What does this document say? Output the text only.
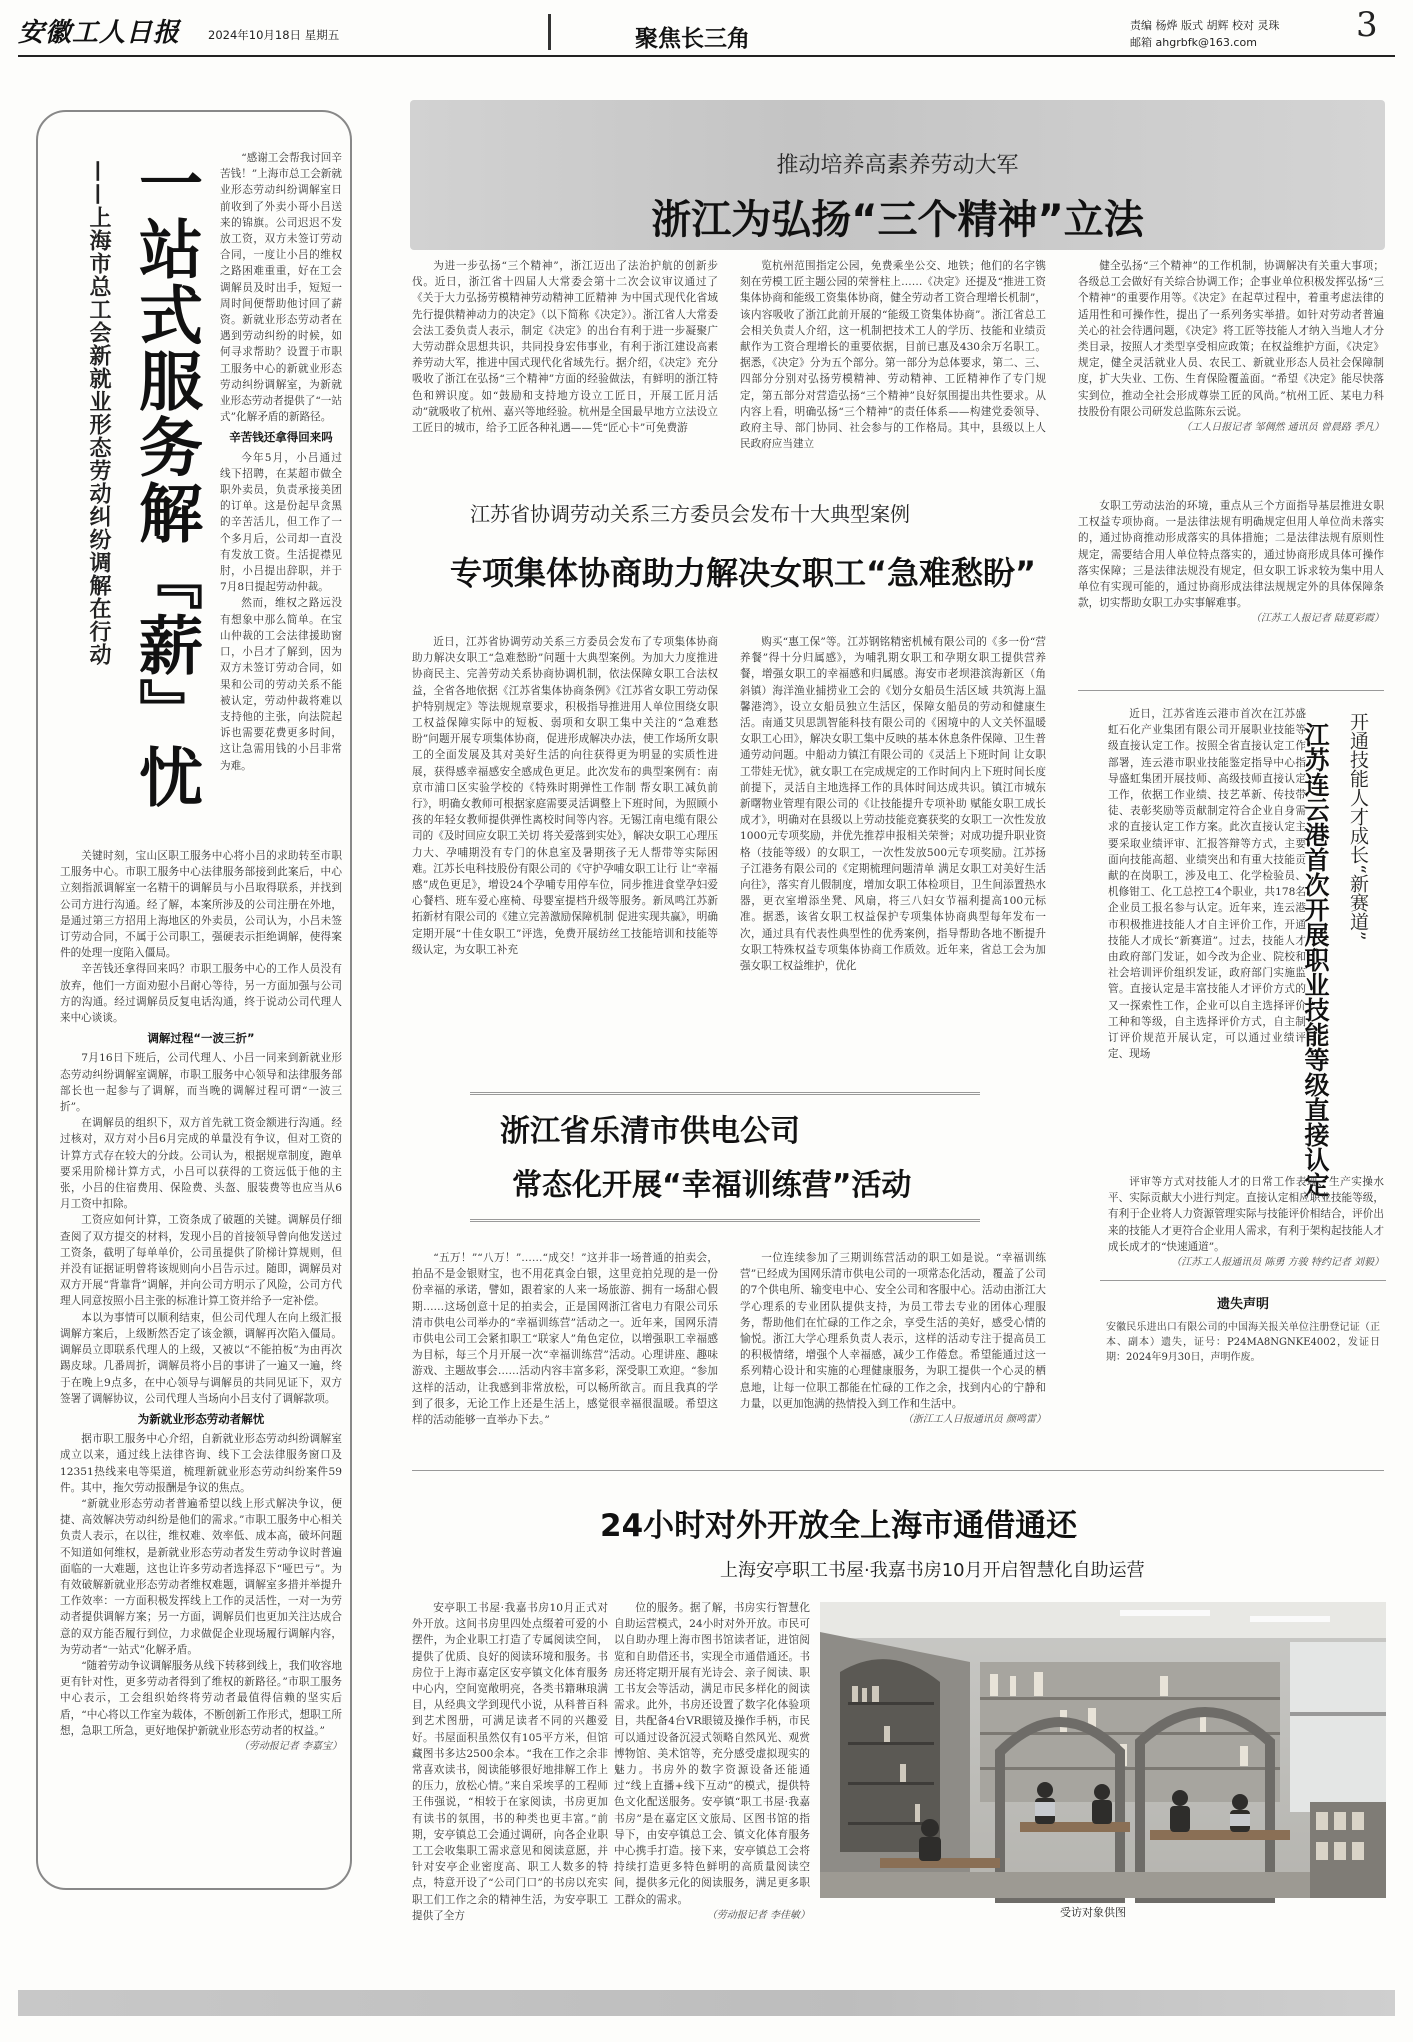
安徽工人日报 2024年10月18日 星期五	聚焦长三角
责编 杨烨 版式 胡辉 校对 灵珠
邮箱 ahgrbfk@163.com	3
一站式服务解『薪』忧
——上海市总工会新就业形态劳动纠纷调解在行动

“感谢工会帮我讨回辛苦钱！”上海市总工会新就业形态劳动纠纷调解室日前收到了外卖小哥小吕送来的锦旗。公司迟迟不发放工资，双方未签订劳动合同，一度让小吕的维权之路困难重重，好在工会调解员及时出手，短短一周时间便帮助他讨回了薪资。新就业形态劳动者在遇到劳动纠纷的时候，如何寻求帮助？设置于市职工服务中心的新就业形态劳动纠纷调解室，为新就业形态劳动者提供了“一站式”化解矛盾的新路径。

辛苦钱还拿得回来吗

今年5月，小吕通过线下招聘，在某超市做全职外卖员，负责承接美团的订单。这是份起早贪黑的辛苦活儿，但工作了一个多月后，公司却一直没有发放工资。生活捉襟见肘，小吕提出辞职，并于7月8日提起劳动仲裁。

然而，维权之路远没有想象中那么简单。在宝山仲裁的工会法律援助窗口，小吕才了解到，因为双方未签订劳动合同，如果和公司的劳动关系不能被认定，劳动仲裁将难以支持他的主张，向法院起诉也需要花费更多时间，这让急需用钱的小吕非常为难。

关键时刻，宝山区职工服务中心将小吕的求助转至市职工服务中心。市职工服务中心法律服务部接到此案后，中心立刻指派调解室一名精干的调解员与小吕取得联系，并找到公司方进行沟通。经了解，本案所涉及的公司注册在外地，是通过第三方招用上海地区的外卖员，公司认为，小吕未签订劳动合同，不属于公司职工，强硬表示拒绝调解，使得案件的处理一度陷入僵局。

辛苦钱还拿得回来吗？市职工服务中心的工作人员没有放弃，他们一方面劝慰小吕耐心等待，另一方面加强与公司方的沟通。经过调解员反复电话沟通，终于说动公司代理人来中心谈谈。

调解过程“一波三折”

7月16日下班后，公司代理人、小吕一同来到新就业形态劳动纠纷调解室调解，市职工服务中心领导和法律服务部部长也一起参与了调解，而当晚的调解过程可谓“一波三折”。

在调解员的组织下，双方首先就工资金额进行沟通。经过核对，双方对小吕6月完成的单量没有争议，但对工资的计算方式存在较大的分歧。公司认为，根据规章制度，跑单要采用阶梯计算方式，小吕可以获得的工资远低于他的主张，小吕的住宿费用、保险费、头盔、服装费等也应当从6月工资中扣除。

工资应如何计算，工资条成了破题的关键。调解员仔细查阅了双方提交的材料，发现小吕的首接领导曾向他发送过工资条，截明了每单单价，公司虽提供了阶梯计算规则，但并没有证据证明曾将该规则向小吕告示过。随即，调解员对双方开展“背靠背”调解，并向公司方明示了风险，公司方代理人同意按照小吕主张的标准计算工资并给予一定补偿。

本以为事情可以顺利结束，但公司代理人在向上级汇报调解方案后，上级断然否定了该金额，调解再次陷入僵局。调解员立即联系代理人的上级，又被以“不能拍板”为由再次踢皮球。几番周折，调解员将小吕的事讲了一遍又一遍，终于在晚上9点多，在中心领导与调解员的共同见证下，双方签署了调解协议，公司代理人当场向小吕支付了调解款项。

为新就业形态劳动者解忧

据市职工服务中心介绍，自新就业形态劳动纠纷调解室成立以来，通过线上法律咨询、线下工会法律服务窗口及12351热线来电等渠道，梳理新就业形态劳动纠纷案件59件。其中，拖欠劳动报酬是争议的焦点。

“新就业形态劳动者普遍希望以线上形式解决争议，便捷、高效解决劳动纠纷是他们的需求。”市职工服务中心相关负责人表示，在以往，维权难、效率低、成本高，破坏问题不知道如何维权，是新就业形态劳动者发生劳动争议时普遍面临的一大难题，这也让许多劳动者选择忍下“哑巴亏”。为有效破解新就业形态劳动者维权难题，调解室多措并举提升工作效率：一方面积极发挥线上工作的灵活性，一对一为劳动者提供调解方案；另一方面，调解员们也更加关注达成合意的双方能否履行到位，力求做促企业现场履行调解内容，为劳动者“一站式”化解矛盾。

“随着劳动争议调解服务从线下转移到线上，我们收容地更有针对性，更多劳动者得到了维权的新路径。”市职工服务中心表示，工会组织始终将劳动者最值得信赖的坚实后盾，“中心将以工作室为载体，不断创新工作形式，想职工所想，急职工所急，更好地保护新就业形态劳动者的权益。”

（劳动报记者 李嘉宝）

推动培养高素养劳动大军
浙江为弘扬“三个精神”立法

为进一步弘扬“三个精神”，浙江迈出了法治护航的创新步伐。近日，浙江省十四届人大常委会第十二次会议审议通过了《关于大力弘扬劳模精神劳动精神工匠精神 为中国式现代化省域先行提供精神动力的决定》（以下简称《决定》）。浙江省人大常委会法工委负责人表示，制定《决定》的出台有利于进一步凝聚广大劳动群众思想共识，共同投身宏伟事业，有利于浙江建设高素养劳动大军，推进中国式现代化省域先行。据介绍，《决定》充分吸收了浙江在弘扬“三个精神”方面的经验做法，有鲜明的浙江特色和辨识度。如“鼓励和支持地方设立工匠日，开展工匠月活动”就吸收了杭州、嘉兴等地经验。杭州是全国最早地方立法设立工匠日的城市，给予工匠各种礼遇——凭“匠心卡”可免费游

览杭州范围指定公园，免费乘坐公交、地铁；他们的名字镌刻在劳模工匠主题公园的荣誉柱上……《决定》还提及“推进工资集体协商和能级工资集体协商，健全劳动者工资合理增长机制”，该内容吸收了浙江此前开展的“能级工资集体协商”。浙江省总工会相关负责人介绍，这一机制把技术工人的学历、技能和业绩贡献作为工资合理增长的重要依据，目前已惠及430余万名职工。据悉，《决定》分为五个部分。第一部分为总体要求，第二、三、四部分分别对弘扬劳模精神、劳动精神、工匠精神作了专门规定，第五部分对营造弘扬“三个精神”良好氛围提出共性要求。从内容上看，明确弘扬“三个精神”的责任体系——构建党委领导、政府主导、部门协同、社会参与的工作格局。其中，县级以上人民政府应当建立

健全弘扬“三个精神”的工作机制，协调解决有关重大事项；各级总工会做好有关综合协调工作；企事业单位积极发挥弘扬“三个精神”的重要作用等。《决定》在起草过程中，着重考虑法律的适用性和可操作性，提出了一系列务实举措。如针对劳动者普遍关心的社会待遇问题，《决定》将工匠等技能人才纳入当地人才分类目录，按照人才类型享受相应政策；在权益维护方面，《决定》规定，健全灵活就业人员、农民工、新就业形态人员社会保障制度，扩大失业、工伤、生育保险覆盖面。“希望《决定》能尽快落实到位，推动全社会形成尊崇工匠的风尚。”杭州工匠、某电力科技股份有限公司研发总监陈东云说。

（工人日报记者 邹倜然 通讯员 曾晨路 季凡）

江苏省协调劳动关系三方委员会发布十大典型案例
专项集体协商助力解决女职工“急难愁盼”

近日，江苏省协调劳动关系三方委员会发布了专项集体协商助力解决女职工“急难愁盼”问题十大典型案例。为加大力度推进协商民主、完善劳动关系协商协调机制，依法保障女职工合法权益，全省各地依据《江苏省集体协商条例》《江苏省女职工劳动保护特别规定》等法规规章要求，积极指导推进用人单位围绕女职工权益保障实际中的短板、弱项和女职工集中关注的“急难愁盼”问题开展专项集体协商，促进形成解决办法，使工作场所女职工的全面发展及其对美好生活的向往获得更为明显的实质性进展，获得感幸福感安全感成色更足。此次发布的典型案例有：南京市浦口区实验学校的《特殊时期弹性工作制 帮女职工减负前行》，明确女教师可根据家庭需要灵活调整上下班时间，为照顾小孩的年轻女教师提供弹性离校时间等内容。无锡江南电缆有限公司的《及时回应女职工关切 将关爱落到实处》，解决女职工心理压力大、孕哺期没有专门的休息室及暑期孩子无人帮带等实际困难。江苏长电科技股份有限公司的《守护孕哺女职工让行 让“幸福感”成色更足》，增设24个孕哺专用停车位，同步推进食堂孕妇爱心餐档、班车爱心座椅、母婴室提档升级等服务。新凤鸣江苏新拓新材有限公司的《建立完善激励保障机制 促进实现共赢》，明确定期开展“十佳女职工”评选，免费开展纺丝工技能培训和技能等级认定，为女职工补充

购买“惠工保”等。江苏钢铭精密机械有限公司的《多一份“营养餐”得十分归属感》，为哺乳期女职工和孕期女职工提供营养餐，增强女职工的幸福感和归属感。海安市老坝港滨海新区（角斜镇）海洋渔业捕捞业工会的《划分女船员生活区域 共筑海上温馨港湾》，设立女船员独立生活区，保障女船员的劳动和健康生活。南通艾贝思凯智能科技有限公司的《困境中的人文关怀温暖女职工心田》，解决女职工集中反映的基本休息条件保障、卫生普通劳动问题。中船动力镇江有限公司的《灵活上下班时间 让女职工带娃无忧》，就女职工在完成规定的工作时间内上下班时间长度前提下，灵活自主地选择工作的具体时间达成共识。镇江市城东新曙物业管理有限公司的《让技能提升专项补助 赋能女职工成长成才》，明确对在县级以上劳动技能竞赛获奖的女职工一次性发放1000元专项奖励，并优先推荐申报相关荣誉；对成功提升职业资格（技能等级）的女职工，一次性发放500元专项奖励。江苏扬子江港务有限公司的《定期梳理问题清单 满足女职工对美好生活向往》，落实育儿假制度，增加女职工体检项目，卫生间添置热水器，更衣室增添坐凳、风扇，将三八妇女节福利提高100元标准。据悉，该省女职工权益保护专项集体协商典型每年发布一次，通过具有代表性典型性的优秀案例，指导帮助各地不断提升女职工特殊权益专项集体协商工作质效。近年来，省总工会为加强女职工权益维护，优化

女职工劳动法治的环境，重点从三个方面指导基层推进女职工权益专项协商。一是法律法规有明确规定但用人单位尚未落实的，通过协商推动形成落实的具体措施；二是法律法规有原则性规定，需要结合用人单位特点落实的，通过协商形成具体可操作落实保障；三是法律法规没有规定，但女职工诉求较为集中用人单位有实现可能的，通过协商形成法律法规规定外的具体保障条款，切实帮助女职工办实事解难事。

（江苏工人报记者 陆夏彩霞）

近日，江苏省连云港市首次在江苏盛虹石化产业集团有限公司开展职业技能等级直接认定工作。按照全省直接认定工作部署，连云港市职业技能鉴定指导中心指导盛虹集团开展技师、高级技师直接认定工作，依据工作业绩、技艺革新、传技带徒、表彰奖励等贡献制定符合企业自身需求的直接认定工作方案。此次直接认定主要采取业绩评审、汇报答辩等方式，主要面向技能高超、业绩突出和有重大技能贡献的在岗职工，涉及电工、化学检验员、机修钳工、化工总控工4个职业，共178名企业员工报名参与认定。近年来，连云港市积极推进技能人才自主评价工作，开通技能人才成长“新赛道”。过去，技能人才由政府部门发证，如今改为企业、院校和社会培训评价组织发证，政府部门实施监管。直接认定是丰富技能人才评价方式的又一探索性工作，企业可以自主选择评价工种和等级，自主选择评价方式，自主制订评价规范开展认定，可以通过业绩评定、现场	江苏连云港首次开展职业技能等级直接认定 开通技能人才成长“新赛道”

评审等方式对技能人才的日常工作表现、生产实操水平、实际贡献大小进行判定。直接认定相应职业技能等级，有利于企业将人力资源管理实际与技能评价相结合，评价出来的技能人才更符合企业用人需求，有利于架构起技能人才成长成才的“快速通道”。

（江苏工人报通讯员 陈勇 方骏 特约记者 刘毅）

浙江省乐清市供电公司
常态化开展“幸福训练营”活动

“五万！”“八万！”……“成交！”这并非一场普通的拍卖会，拍品不是金银财宝，也不用花真金白银，这里竞拍兑现的是一份份幸福的承诺，譬如，跟着家的人来一场旅游、拥有一场甜心假期……这场创意十足的拍卖会，正是国网浙江省电力有限公司乐清市供电公司举办的“幸福训练营”活动之一。近年来，国网乐清市供电公司工会紧扣职工“联家人”角色定位，以增强职工幸福感为目标，每三个月开展一次“幸福训练营”活动。心理讲座、趣味游戏、主题故事会……活动内容丰富多彩，深受职工欢迎。“参加这样的活动，让我感到非常放松，可以畅所欲言。而且我真的学到了很多，无论工作上还是生活上，感觉很幸福很温暖。希望这样的活动能够一直举办下去。”

一位连续参加了三期训练营活动的职工如是说。“幸福训练营”已经成为国网乐清市供电公司的一项常态化活动，覆盖了公司的7个供电所、输变电中心、安全公司和客服中心。活动由浙江大学心理系的专业团队提供支持，为员工带去专业的团体心理服务，帮助他们在忙碌的工作之余，享受生活的美好，感受心情的愉悦。浙江大学心理系负责人表示，这样的活动专注于提高员工的积极情绪，增强个人幸福感，减少工作倦怠。希望能通过这一系列精心设计和实施的心理健康服务，为职工提供一个心灵的栖息地，让每一位职工都能在忙碌的工作之余，找到内心的宁静和力量，以更加饱满的热情投入到工作和生活中。

（浙江工人日报通讯员 颜鸣雷）

遗失声明
安徽民乐进出口有限公司的中国海关报关单位注册登记证（正本、副本）遗失，证号：P24MA8NGNKE4002，发证日期：2024年9月30日，声明作废。
24小时对外开放全上海市通借通还
上海安亭职工书屋·我嘉书房10月开启智慧化自助运营

安亭职工书屋·我嘉书房10月正式对外开放。这间书房里四处点缀着可爱的小摆件，为企业职工打造了专属阅读空间，提供了优质、良好的阅读环境和服务。书房位于上海市嘉定区安亭镇文化体育服务中心内，空间宽敞明亮，各类书籍琳琅满目，从经典文学到现代小说，从科普百科到艺术图册，可满足读者不同的兴趣爱好。书屋面积虽然仅有105平方米，但馆藏图书多达2500余本。“我在工作之余非常喜欢读书，阅读能够很好地排解工作上的压力，放松心情。”来自采埃孚的工程师王伟强说，“相较于在家阅读，书房更加有读书的氛围，书的种类也更丰富。”前期，安亭镇总工会通过调研，向各企业职工工会收集职工需求意见和阅读意愿，并针对安亭企业密度高、职工人数多的特点，特意开设了“公司门口”的书房以充实职工们工作之余的精神生活，为安亭职工提供了全方

位的服务。据了解，书房实行智慧化自助运营模式，24小时对外开放。市民可以自助办理上海市图书馆读者证，进馆阅览和自助借还书，实现全市通借通还。书房还将定期开展有光诗会、亲子阅读、职工书友会等活动，满足市民多样化的阅读需求。此外，书房还设置了数字化体验项目，共配备4台VR眼镜及操作手柄，市民可以通过设备沉浸式领略自然风光、观赏博物馆、美术馆等，充分感受虚拟现实的魅力。书房外的数字资源设备还能通过“线上直播+线下互动”的模式，提供特色文化配送服务。安亭镇“职工书屋·我嘉书房”是在嘉定区文旅局、区图书馆的指导下，由安亭镇总工会、镇文化体育服务中心携手打造。接下来，安亭镇总工会将持续打造更多特色鲜明的高质量阅读空间，提供多元化的阅读服务，满足更多职工群众的需求。

（劳动报记者 李佳敏）	受访对象供图
